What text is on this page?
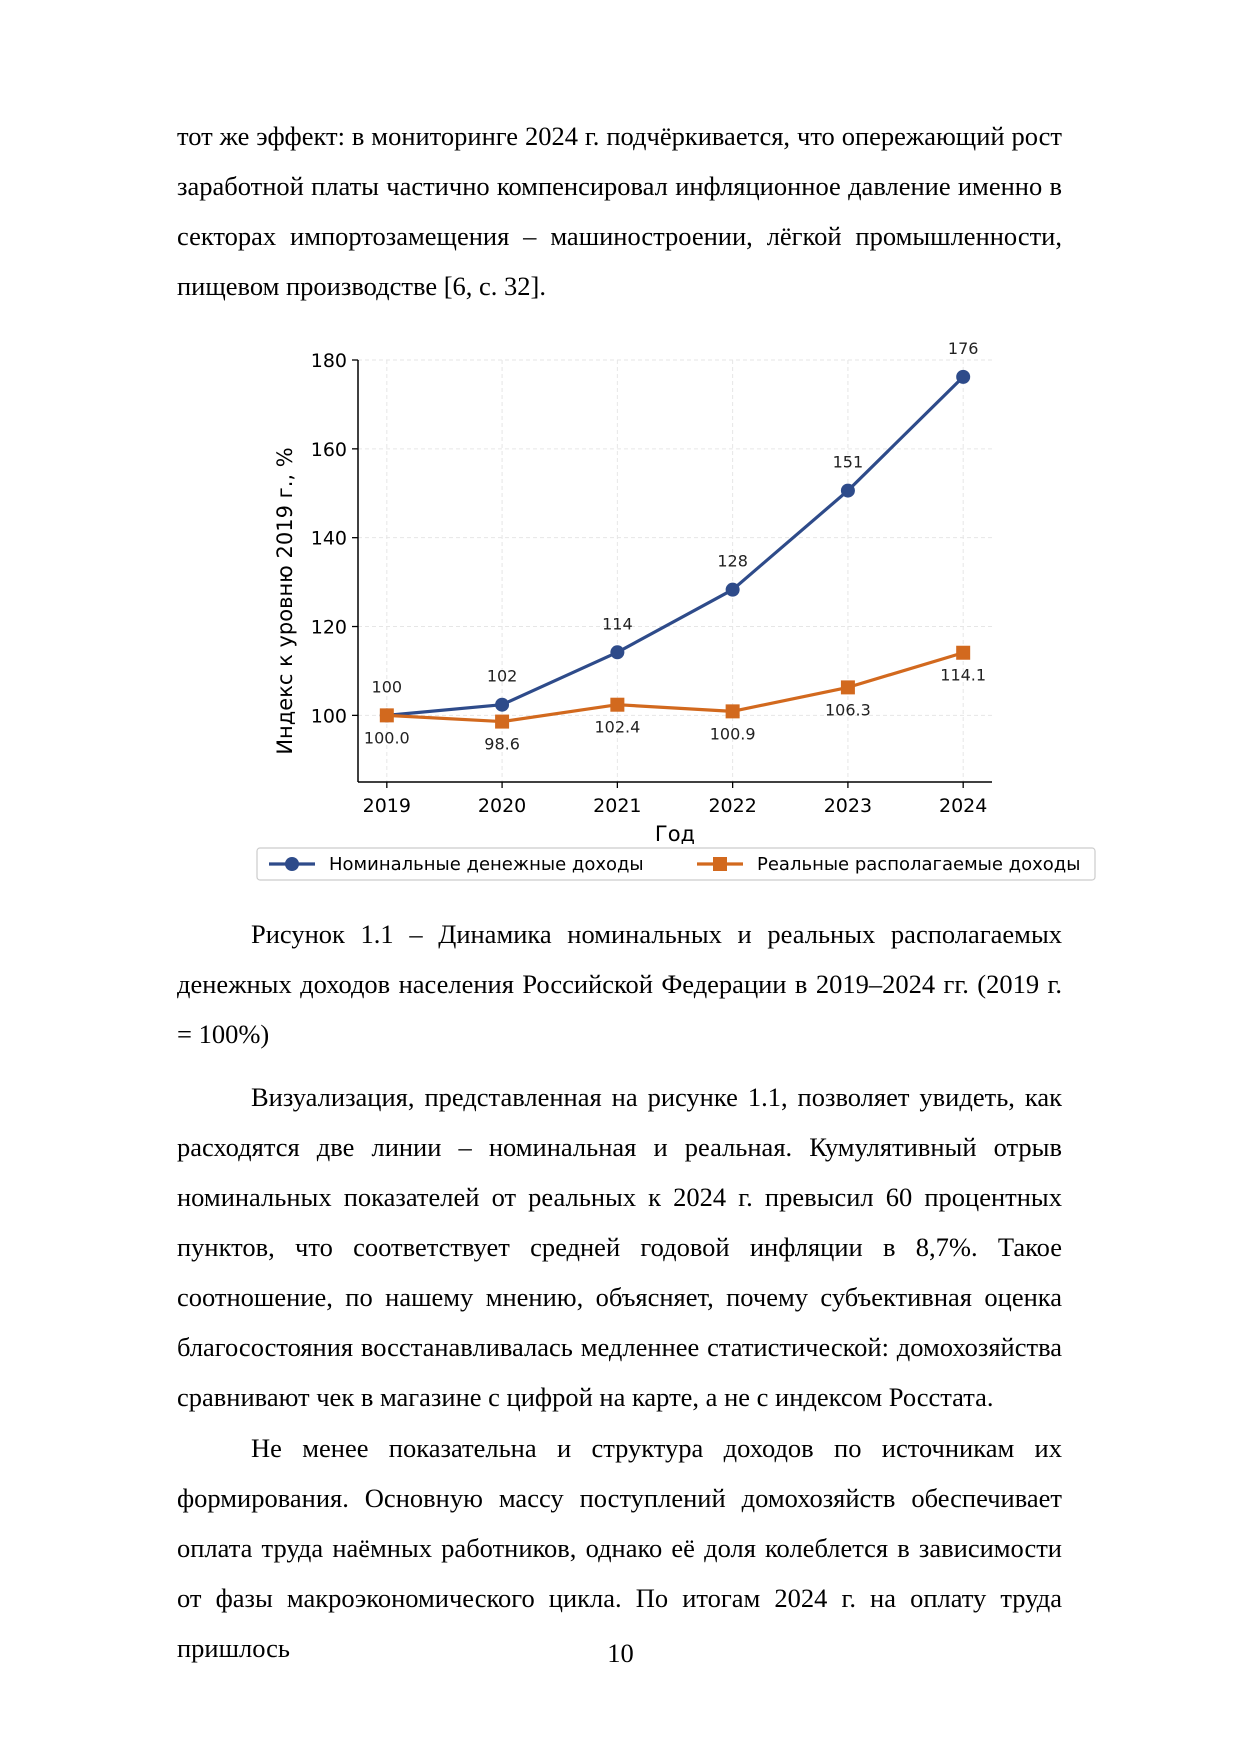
тот же эффект: в мониторинге 2024 г. подчёркивается, что опережающий рост заработной платы частично компенсировал инфляционное давление именно в секторах импортозамещения – машиностроении, лёгкой промышленности, пищевом производстве [6, с. 32].

100
120
140
160
180
2019	2020	2021	2022	2023	2024
Год
Индекс к уровню 2019 г., %	100
102
114
128
151
176
100.0	98.6
102.4	100.9
106.3
114.1
Номинальные денежные доходы	Реальные располагаемые доходы

Рисунок 1.1 – Динамика номинальных и реальных располагаемых денежных доходов населения Российской Федерации в 2019–2024 гг. (2019 г. = 100%)

Визуализация, представленная на рисунке 1.1, позволяет увидеть, как расходятся две линии – номинальная и реальная. Кумулятивный отрыв номинальных показателей от реальных к 2024 г. превысил 60 процентных пунктов, что соответствует средней годовой инфляции в 8,7%. Такое соотношение, по нашему мнению, объясняет, почему субъективная оценка благосостояния восстанавливалась медленнее статистической: домохозяйства сравнивают чек в магазине с цифрой на карте, а не с индексом Росстата.

Не менее показательна и структура доходов по источникам их формирования. Основную массу поступлений домохозяйств обеспечивает оплата труда наёмных работников, однако её доля колеблется в зависимости от фазы макроэкономического цикла. По итогам 2024 г. на оплату труда пришлось	10
